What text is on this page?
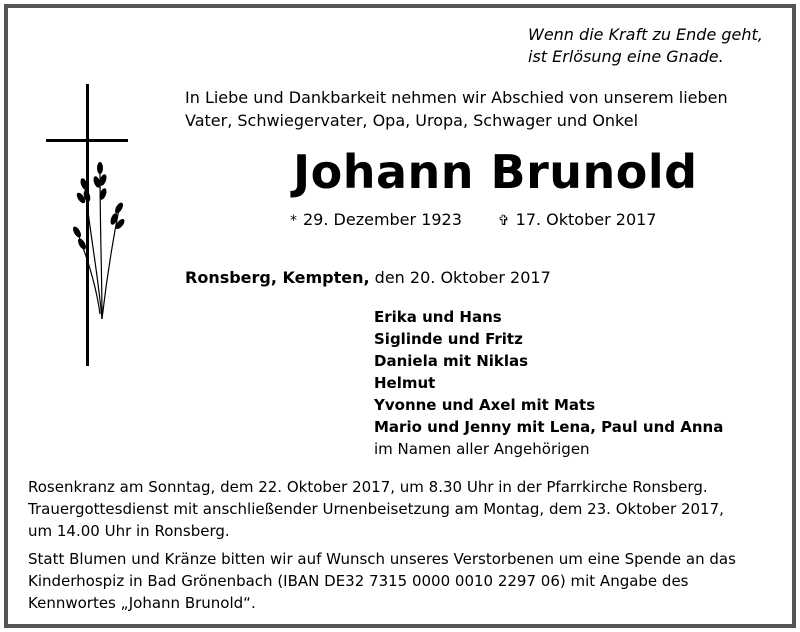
Wenn die Kraft zu Ende geht,
ist Erlösung eine Gnade.
In Liebe und Dankbarkeit nehmen wir Abschied von unserem lieben
Vater, Schwiegervater, Opa, Uropa, Schwager und Onkel
Johann Brunold
* 29. Dezember 1923	✞ 17. Oktober 2017
Ronsberg, Kempten, den 20. Oktober 2017
Erika und Hans
Siglinde und Fritz
Daniela mit Niklas
Helmut
Yvonne und Axel mit Mats
Mario und Jenny mit Lena, Paul und Anna
im Namen aller Angehörigen

Rosenkranz am Sonntag, dem 22. Oktober 2017, um 8.30 Uhr in der Pfarrkirche Ronsberg.
Trauergottesdienst mit anschließender Urnenbeisetzung am Montag, dem 23. Oktober 2017,
um 14.00 Uhr in Ronsberg.

Statt Blumen und Kränze bitten wir auf Wunsch unseres Verstorbenen um eine Spende an das
Kinderhospiz in Bad Grönenbach (IBAN DE32 7315 0000 0010 2297 06) mit Angabe des
Kennwortes „Johann Brunold“.
